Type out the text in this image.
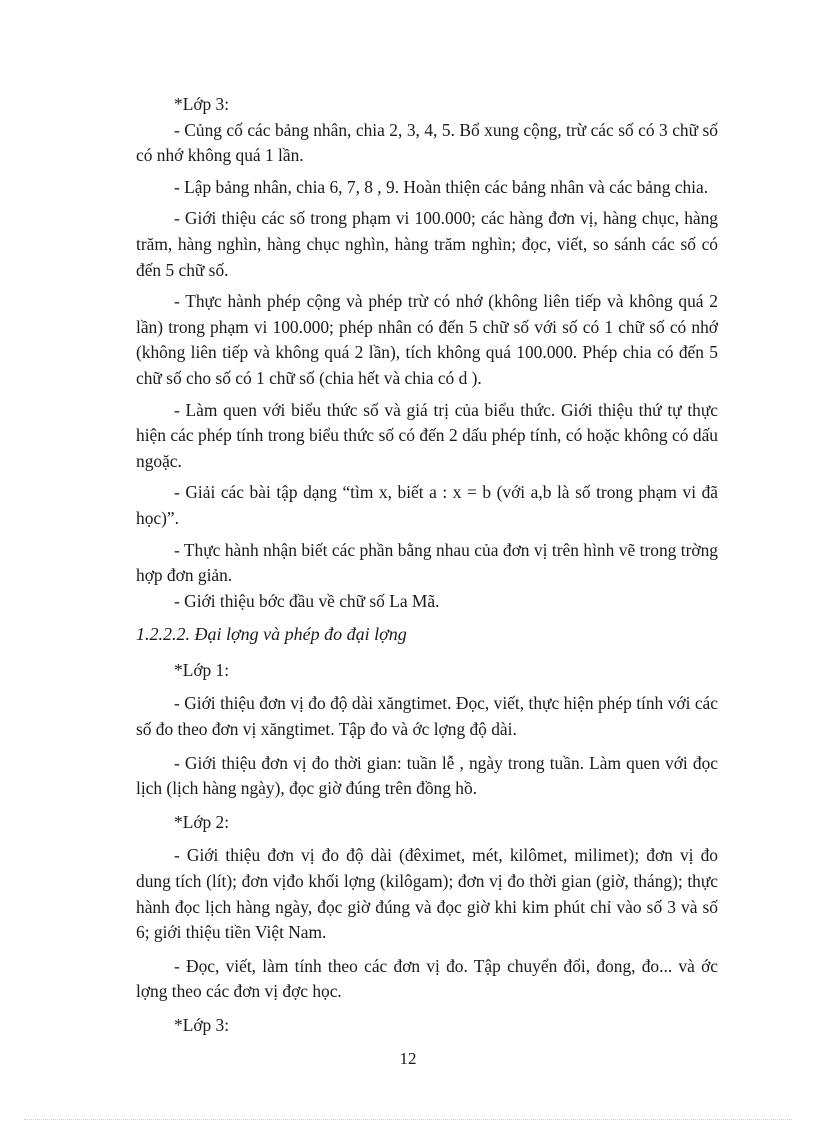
*Lớp 3:

- Củng cố các bảng nhân, chia 2, 3, 4, 5. Bổ xung cộng, trừ các số có 3 chữ số có nhớ không quá 1 lần.

- Lập bảng nhân, chia 6, 7, 8 , 9. Hoàn thiện các bảng nhân và các bảng chia.

- Giới thiệu các số trong phạm vi 100.000; các hàng đơn vị, hàng chục, hàng trăm, hàng nghìn, hàng chục nghìn, hàng trăm nghìn; đọc, viết, so sánh các số có đến 5 chữ số.

- Thực hành phép cộng và phép trừ có nhớ (không liên tiếp và không quá 2 lần) trong phạm vi 100.000; phép nhân có đến 5 chữ số với số có 1 chữ số có nhớ (không liên tiếp và không quá 2 lần), tích không quá 100.000. Phép chia có đến 5 chữ số cho số có 1 chữ số (chia hết và chia có d ).

- Làm quen với biểu thức số và giá trị của biểu thức. Giới thiệu thứ tự thực hiện các phép tính trong biểu thức số có đến 2 dấu phép tính, có hoặc không có dấu ngoặc.

- Giải các bài tập dạng “tìm x, biết a : x = b (với a,b là số trong phạm vi đã học)”.

- Thực hành nhận biết các phần bằng nhau của đơn vị trên hình vẽ trong trờng hợp đơn giản.

- Giới thiệu bớc đầu về chữ số La Mã.

1.2.2.2. Đại lợng và phép đo đại lợng

*Lớp 1:

- Giới thiệu đơn vị đo độ dài xăngtimet. Đọc, viết, thực hiện phép tính với các số đo theo đơn vị xăngtimet. Tập đo và ớc lợng độ dài.

- Giới thiệu đơn vị đo thời gian: tuần lễ , ngày trong tuần. Làm quen với đọc lịch (lịch hàng ngày), đọc giờ đúng trên đồng hồ.

*Lớp 2:

- Giới thiệu đơn vị đo độ dài (đêximet, mét, kilômet, milimet); đơn vị đo dung tích (lít); đơn vịđo khối lợng (kilôgam); đơn vị đo thời gian (giờ, tháng); thực hành đọc lịch hàng ngày, đọc giờ đúng và đọc giờ khi kim phút chỉ vào số 3 và số 6; giới thiệu tiền Việt Nam.

- Đọc, viết, làm tính theo các đơn vị đo. Tập chuyển đổi, đong, đo... và ớc lợng theo các đơn vị đợc học.

*Lớp 3:

12
